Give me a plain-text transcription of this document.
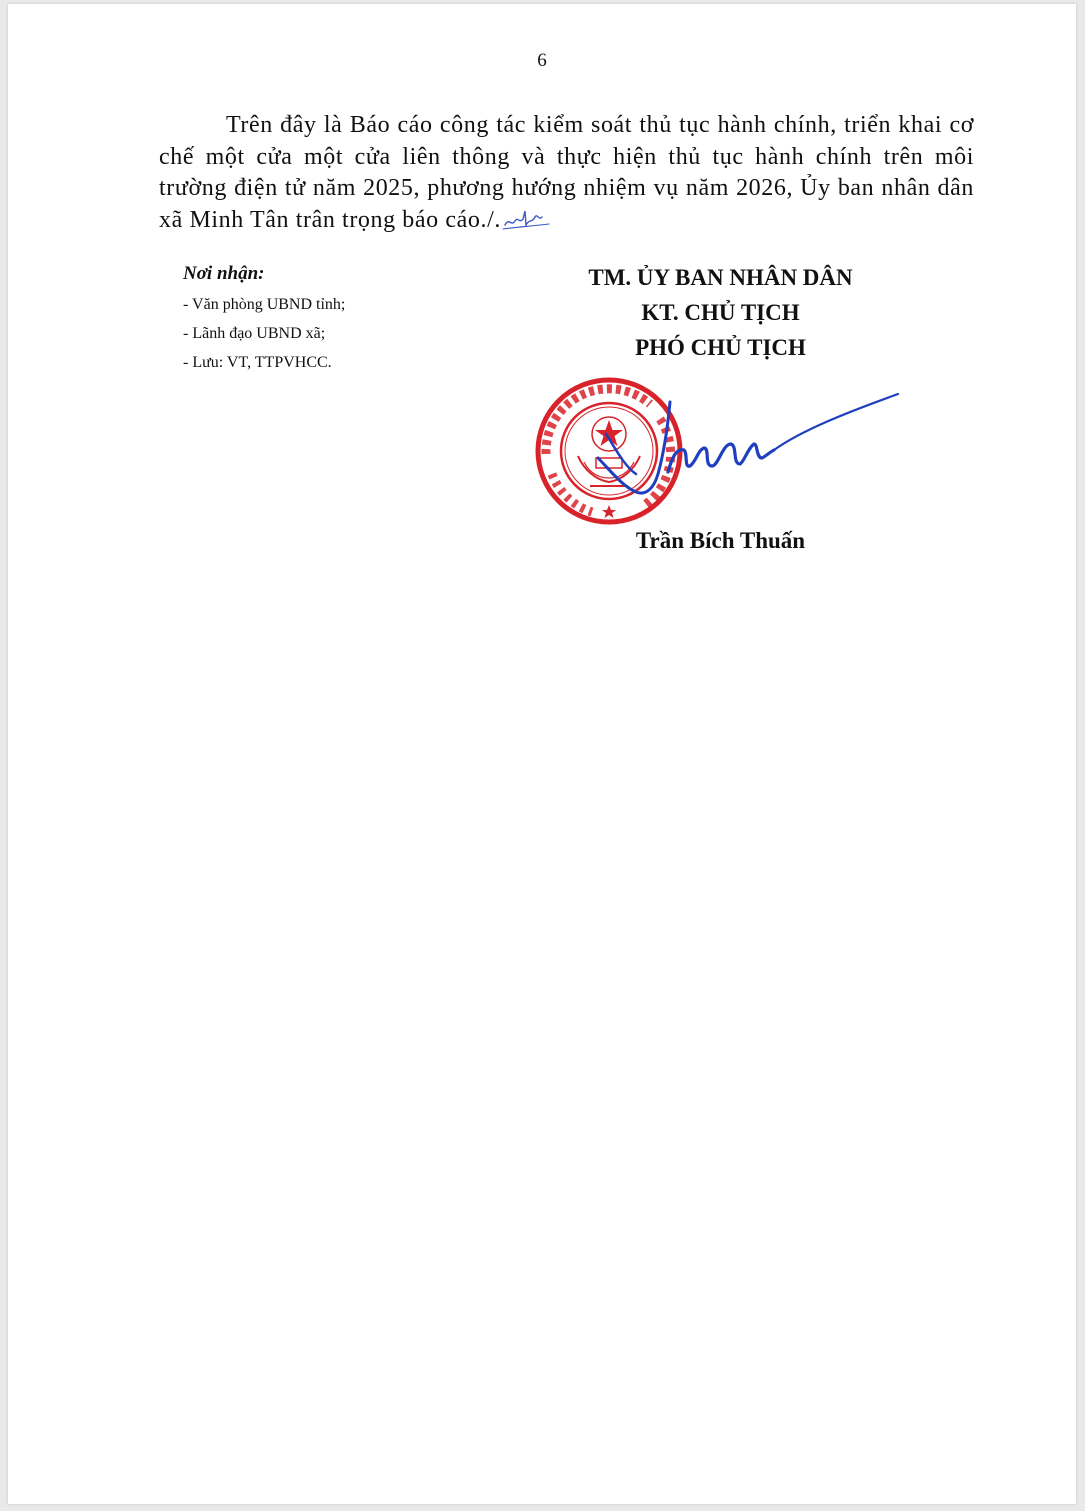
6

Trên đây là Báo cáo công tác kiểm soát thủ tục hành chính, triển khai cơ chế một cửa một cửa liên thông và thực hiện thủ tục hành chính trên môi trường điện tử năm 2025, phương hướng nhiệm vụ năm 2026, Ủy ban nhân dân xã Minh Tân trân trọng báo cáo./.

Nơi nhận:
- Văn phòng UBND tỉnh;
- Lãnh đạo UBND xã;
- Lưu: VT, TTPVHCC.
TM. ỦY BAN NHÂN DÂN
KT. CHỦ TỊCH
PHÓ CHỦ TỊCH
Trần Bích Thuấn
